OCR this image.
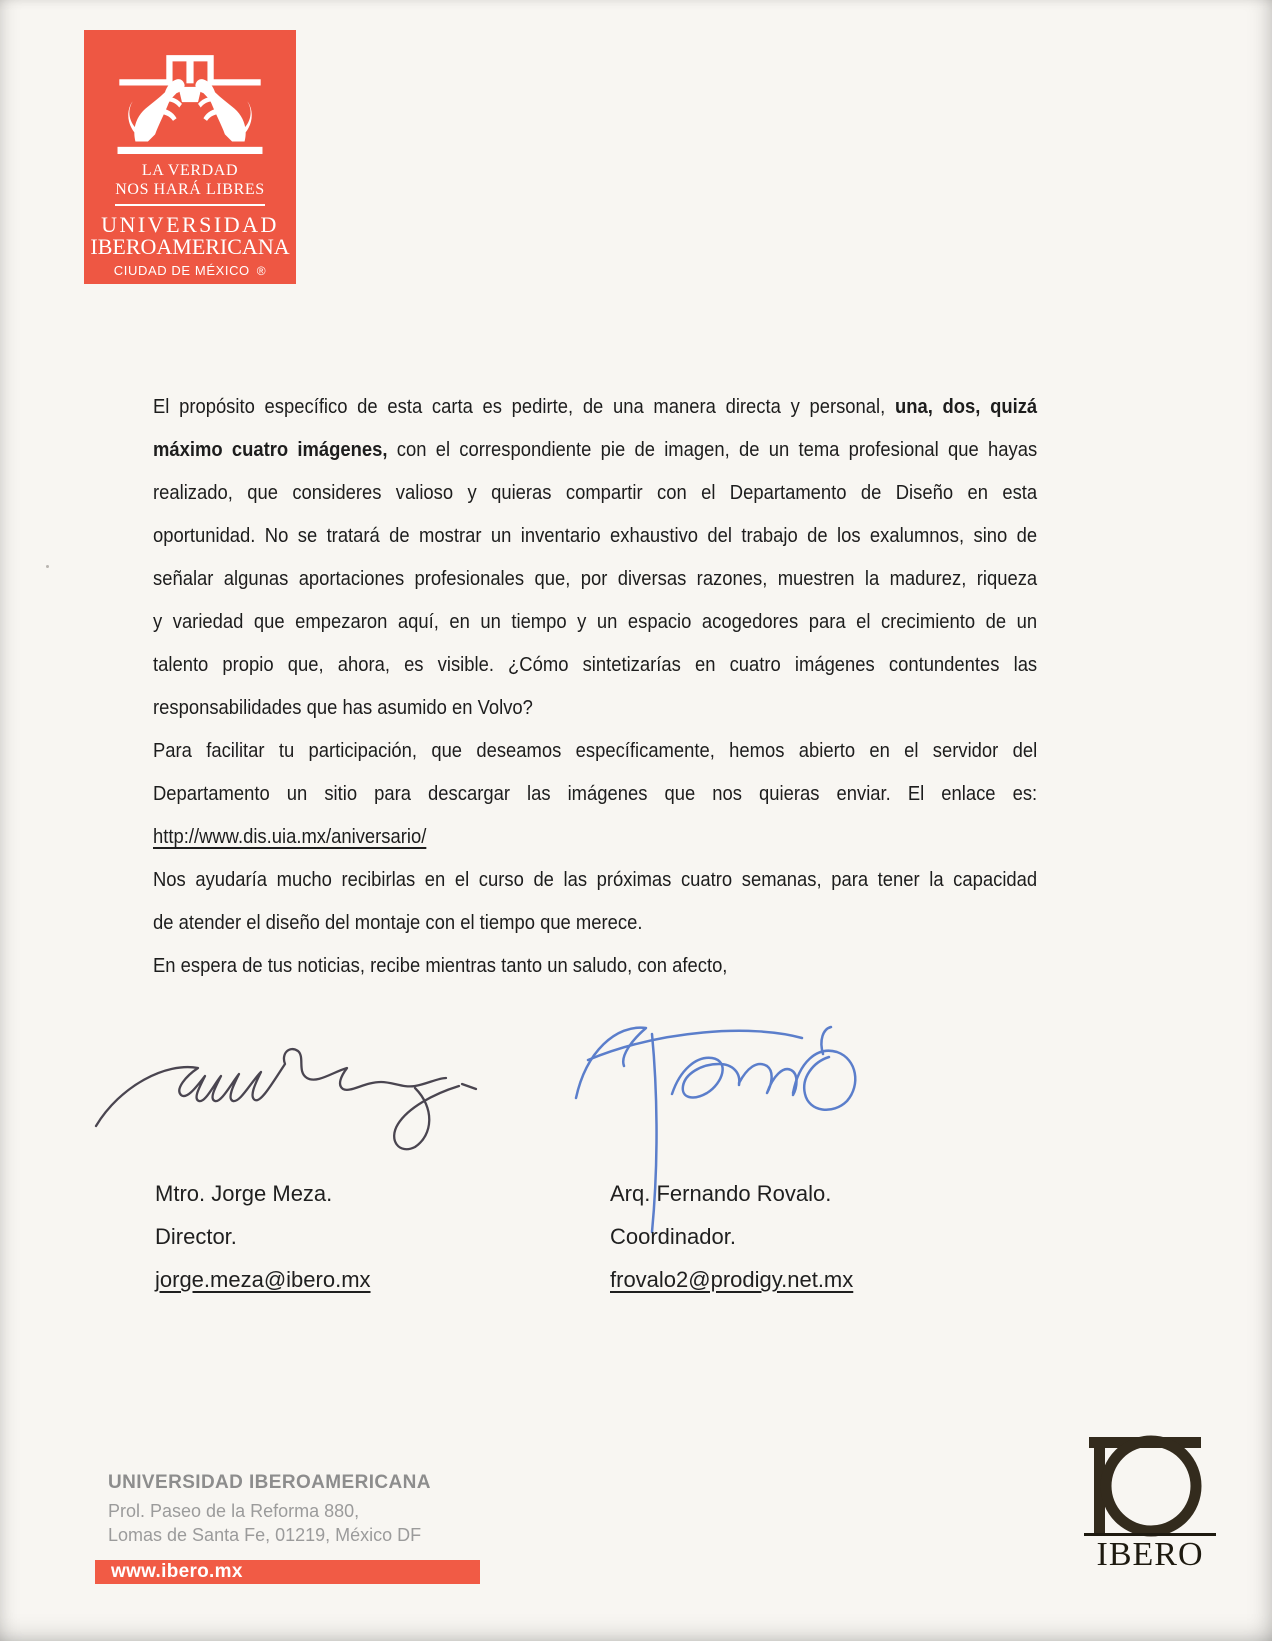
LA VERDAD
NOS HARÁ LIBRES
UNIVERSIDAD
IBEROAMERICANA
CIUDAD DE MÉXICO ®
El propósito específico de esta carta es pedirte, de una manera directa y personal, una, dos, quizá
máximo cuatro imágenes, con el correspondiente pie de imagen, de un tema profesional que hayas
realizado, que consideres valioso y quieras compartir con el Departamento de Diseño en esta
oportunidad. No se tratará de mostrar un inventario exhaustivo del trabajo de los exalumnos, sino de
señalar algunas aportaciones profesionales que, por diversas razones, muestren la madurez, riqueza
y variedad que empezaron aquí, en un tiempo y un espacio acogedores para el crecimiento de un
talento propio que, ahora, es visible. ¿Cómo sintetizarías en cuatro imágenes contundentes las
responsabilidades que has asumido en Volvo?
Para facilitar tu participación, que deseamos específicamente, hemos abierto en el servidor del
Departamento un sitio para descargar las imágenes que nos quieras enviar. El enlace es:
http://www.dis.uia.mx/aniversario/
Nos ayudaría mucho recibirlas en el curso de las próximas cuatro semanas, para tener la capacidad
de atender el diseño del montaje con el tiempo que merece.
En espera de tus noticias, recibe mientras tanto un saludo, con afecto,
Mtro. Jorge Meza.
Director.
jorge.meza@ibero.mx
Arq. Fernando Rovalo.
Coordinador.
frovalo2@prodigy.net.mx
UNIVERSIDAD IBEROAMERICANA
Prol. Paseo de la Reforma 880,
Lomas de Santa Fe, 01219, México DF
www.ibero.mx	IBERO
